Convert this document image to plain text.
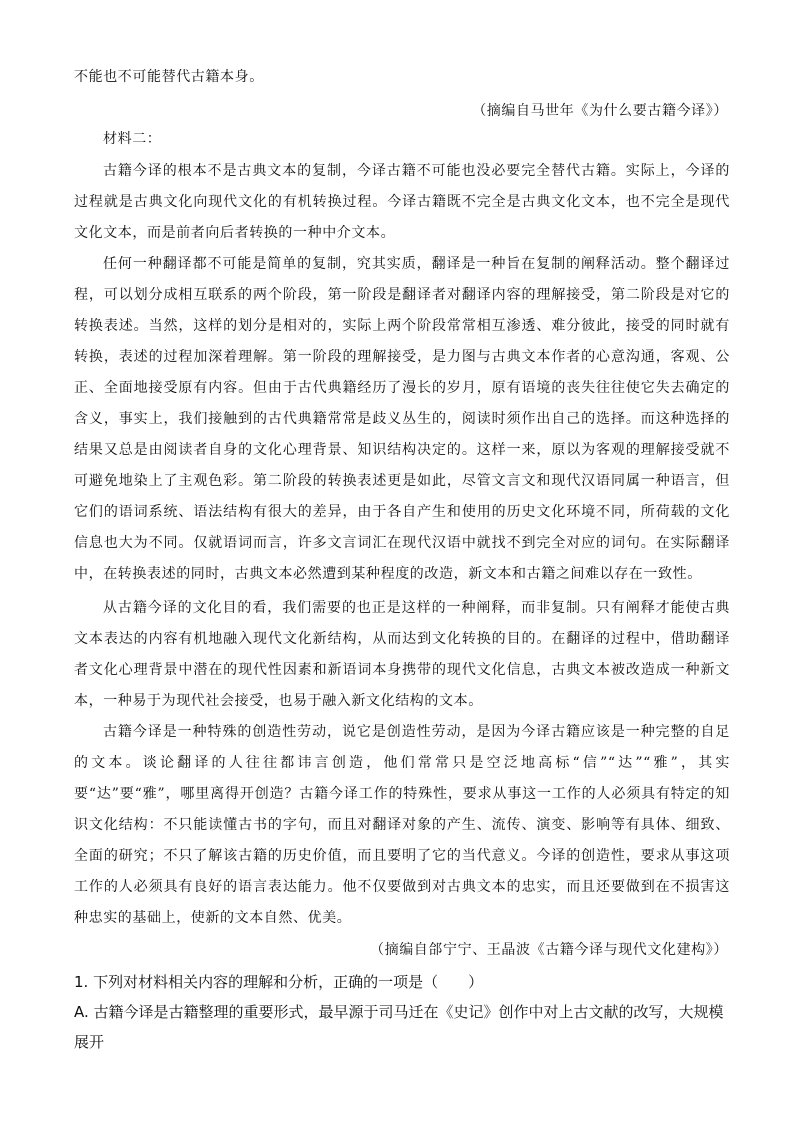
不能也不可能替代古籍本身。
（摘编自马世年《为什么要古籍今译》）
材料二：
古籍今译的根本不是古典文本的复制，今译古籍不可能也没必要完全替代古籍。实际上，今译的过程就是古典文化向现代文化的有机转换过程。今译古籍既不完全是古典文化文本，也不完全是现代文化文本，而是前者向后者转换的一种中介文本。
任何一种翻译都不可能是简单的复制，究其实质，翻译是一种旨在复制的阐释活动。整个翻译过程，可以划分成相互联系的两个阶段，第一阶段是翻译者对翻译内容的理解接受，第二阶段是对它的转换表述。当然，这样的划分是相对的，实际上两个阶段常常相互渗透、难分彼此，接受的同时就有转换，表述的过程加深着理解。第一阶段的理解接受，是力图与古典文本作者的心意沟通，客观、公正、全面地接受原有内容。但由于古代典籍经历了漫长的岁月，原有语境的丧失往往使它失去确定的含义，事实上，我们接触到的古代典籍常常是歧义丛生的，阅读时须作出自己的选择。而这种选择的结果又总是由阅读者自身的文化心理背景、知识结构决定的。这样一来，原以为客观的理解接受就不可避免地染上了主观色彩。第二阶段的转换表述更是如此，尽管文言文和现代汉语同属一种语言，但它们的语词系统、语法结构有很大的差异，由于各自产生和使用的历史文化环境不同，所荷载的文化信息也大为不同。仅就语词而言，许多文言词汇在现代汉语中就找不到完全对应的词句。在实际翻译中，在转换表述的同时，古典文本必然遭到某种程度的改造，新文本和古籍之间难以存在一致性。
从古籍今译的文化目的看，我们需要的也正是这样的一种阐释，而非复制。只有阐释才能使古典文本表达的内容有机地融入现代文化新结构，从而达到文化转换的目的。在翻译的过程中，借助翻译者文化心理背景中潜在的现代性因素和新语词本身携带的现代文化信息，古典文本被改造成一种新文本，一种易于为现代社会接受，也易于融入新文化结构的文本。
古籍今译是一种特殊的创造性劳动，说它是创造性劳动，是因为今译古籍应该是一种完整的自足的文本。谈论翻译的人往往都讳言创造，他们常常只是空泛地高标“信”“达”“雅”，其实要“达”要“雅”，哪里离得开创造？古籍今译工作的特殊性，要求从事这一工作的人必须具有特定的知识文化结构：不只能读懂古书的字句，而且对翻译对象的产生、流传、演变、影响等有具体、细致、全面的研究；不只了解该古籍的历史价值，而且要明了它的当代意义。今译的创造性，要求从事这项工作的人必须具有良好的语言表达能力。他不仅要做到对古典文本的忠实，而且还要做到在不损害这种忠实的基础上，使新的文本自然、优美。
（摘编自郃宁宁、王晶波《古籍今译与现代文化建构》）
1. 下列对材料相关内容的理解和分析，正确的一项是（　　）
A. 古籍今译是古籍整理的重要形式，最早源于司马迁在《史记》创作中对上古文献的改写，大规模展开
